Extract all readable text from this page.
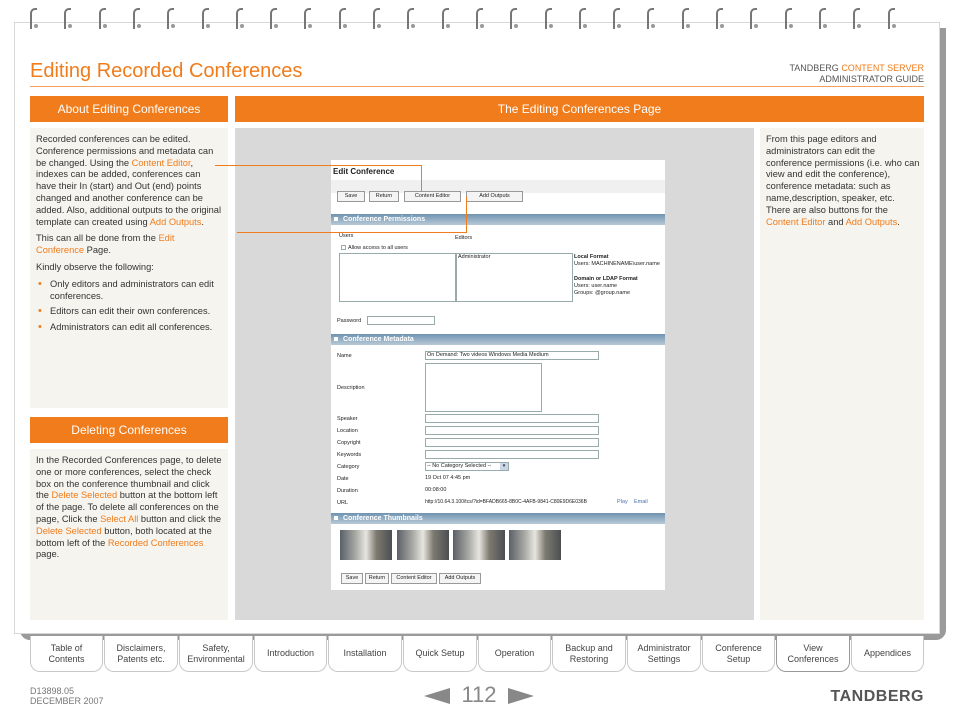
Editing Recorded Conferences	TANDBERG CONTENT SERVER
ADMINISTRATOR GUIDE
About Editing Conferences

Recorded conferences can be edited. Conference permissions and metadata can be changed. Using the Content Editor, indexes can be added, conferences can have their In (start) and Out (end) points changed and another conference can be added. Also, additional outputs to the original template can created using Add Outputs.

This can all be done from the Edit Conference Page.

Kindly observe the following:

• Only editors and administrators can edit conferences.
• Editors can edit their own conferences.
• Administrators can edit all conferences.
Deleting Conferences
In the Recorded Conferences page, to delete one or more conferences, select the check box on the conference thumbnail and click the Delete Selected button at the bottom left of the page. To delete all conferences on the page, Click the Select All button and click the Delete Selected button, both located at the bottom left of the Recorded Conferences page.
The Editing Conferences Page
Edit Conference
Save	Return	Content Editor	Add Outputs
Conference Permissions
Users	Editors
Allow access to all users
Administrator	Local Format
Users: MACHINENAME\user.name
Domain or LDAP Format
Users: user.name
Groups: @group.name
Password
Conference Metadata
Name	On Demand: Two videos Windows Media Medium
Description
Speaker
Location
Copyright
Keywords
Category	-- No Category Selected --	▾
Date	19 Oct 07 4:45 pm
Duration	00:08:00
URL	http://10.64.3.100/tcs/?id=BFADB665-8B0C-4AFB-9841-C80E9D6E036B	Play Email
Conference Thumbnails
Save	Return	Content Editor	Add Outputs
From this page editors and administrators can edit the conference permissions (i.e. who can view and edit the conference), conference metadata: such as name,description, speaker, etc. There are also buttons for the Content Editor and Add Outputs.
Table of
Contents
Disclaimers,
Patents etc.
Safety,
Environmental
Introduction	Installation	Quick Setup	Operation
Backup and
Restoring
Administrator
Settings
Conference
Setup
View
Conferences
Appendices
D13898.05
DECEMBER 2007	112	TANDBERG
